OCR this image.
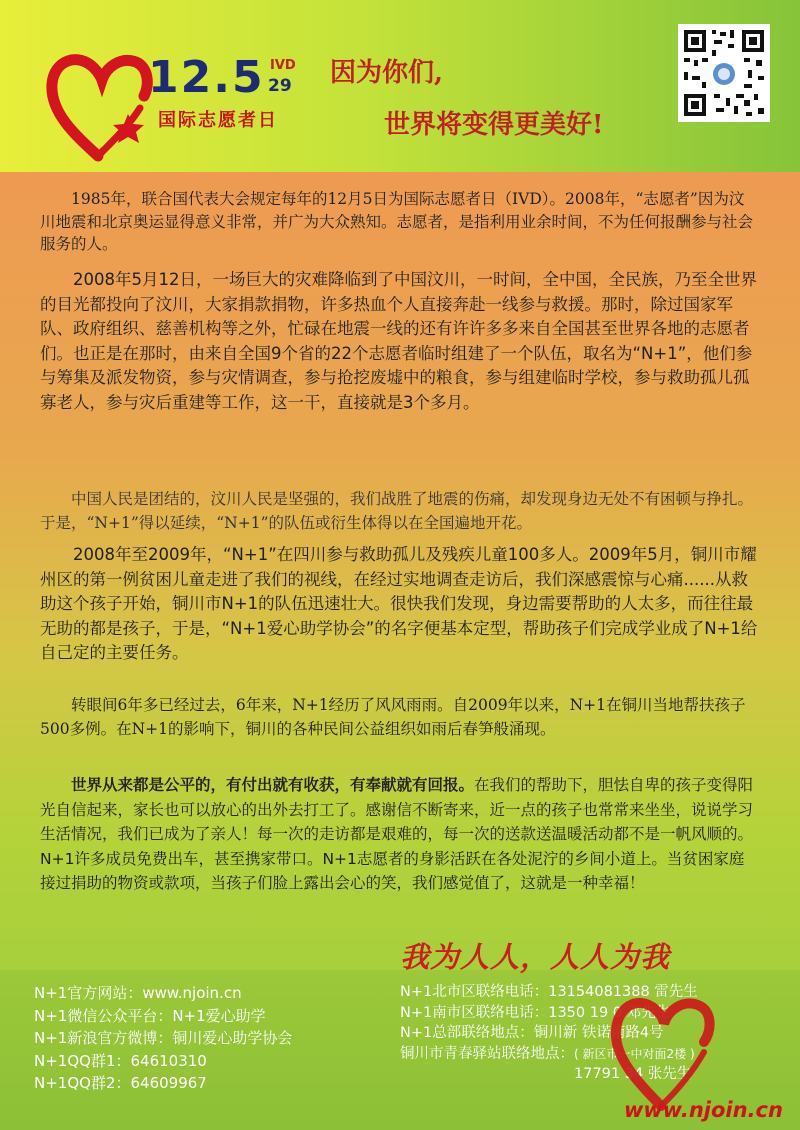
12.5 IVD
29
国际志愿者日
因为你们,
世界将变得更美好!
1985年，联合国代表大会规定每年的12月5日为国际志愿者日（IVD）。2008年，“志愿者”因为汶川地震和北京奥运显得意义非常，并广为大众熟知。志愿者，是指利用业余时间，不为任何报酬参与社会服务的人。
2008年5月12日，一场巨大的灾难降临到了中国汶川，一时间，全中国，全民族，乃至全世界的目光都投向了汶川，大家捐款捐物，许多热血个人直接奔赴一线参与救援。那时，除过国家军队、政府组织、慈善机构等之外，忙碌在地震一线的还有许许多多来自全国甚至世界各地的志愿者们。也正是在那时，由来自全国9个省的22个志愿者临时组建了一个队伍，取名为“N+1”，他们参与筹集及派发物资，参与灾情调查，参与抢挖废墟中的粮食，参与组建临时学校，参与救助孤儿孤寡老人，参与灾后重建等工作，这一干，直接就是3个多月。
中国人民是团结的，汶川人民是坚强的，我们战胜了地震的伤痛，却发现身边无处不有困顿与挣扎。于是，“N+1”得以延续，“N+1”的队伍或衍生体得以在全国遍地开花。
2008年至2009年，“N+1”在四川参与救助孤儿及残疾儿童100多人。2009年5月，铜川市耀州区的第一例贫困儿童走进了我们的视线，在经过实地调查走访后，我们深感震惊与心痛......从救助这个孩子开始，铜川市N+1的队伍迅速壮大。很快我们发现，身边需要帮助的人太多，而往往最无助的都是孩子，于是，“N+1爱心助学协会”的名字便基本定型，帮助孩子们完成学业成了N+1给自己定的主要任务。
转眼间6年多已经过去，6年来，N+1经历了风风雨雨。自2009年以来，N+1在铜川当地帮扶孩子500多例。在N+1的影响下，铜川的各种民间公益组织如雨后春笋般涌现。
世界从来都是公平的，有付出就有收获，有奉献就有回报。在我们的帮助下，胆怯自卑的孩子变得阳光自信起来，家长也可以放心的出外去打工了。感谢信不断寄来，近一点的孩子也常常来坐坐，说说学习生活情况，我们已成为了亲人！每一次的走访都是艰难的，每一次的送款送温暖活动都不是一帆风顺的。N+1许多成员免费出车，甚至携家带口。N+1志愿者的身影活跃在各处泥泞的乡间小道上。当贫困家庭接过捐助的物资或款项，当孩子们脸上露出会心的笑，我们感觉值了，这就是一种幸福！
我为人人，人人为我
N+1官方网站：www.njoin.cn
N+1微信公众平台：N+1爱心助学
N+1新浪官方微博：铜川爱心助学协会
N+1QQ群1：64610310
N+1QQ群2：64609967
N+1北市区联络电话：13154081388 雷先生
N+1南市区联络电话：1350 19 0 邓先生
N+1总部联络地点：铜川新 铁诺南路4号
铜川市青春驿站联络地点：( 新区市一中对面2楼 )
17791 34 张先生
www.njoin.cn
